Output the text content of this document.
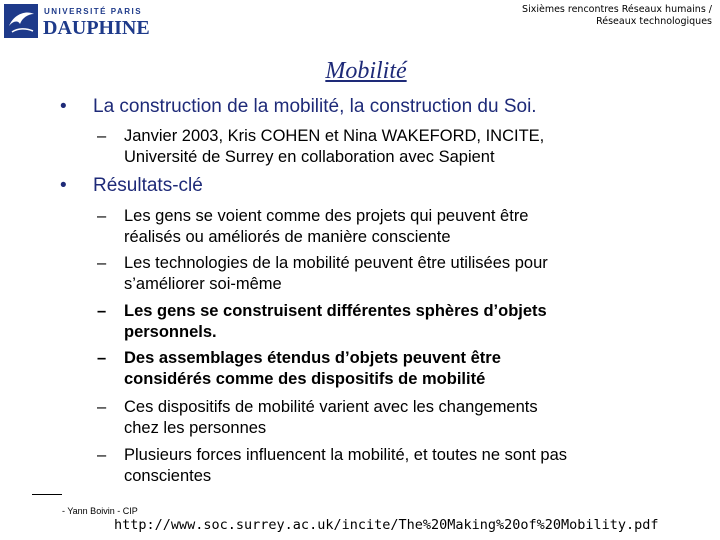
UNIVERSITÉ PARIS
DAUPHINE
Sixièmes rencontres Réseaux humains /
Réseaux technologiques
Mobilité
• La construction de la mobilité, la construction du Soi.
– Janvier 2003, Kris COHEN et Nina WAKEFORD, INCITE,
Université de Surrey en collaboration avec Sapient
• Résultats-clé
– Les gens se voient comme des projets qui peuvent être
réalisés ou améliorés de manière consciente
– Les technologies de la mobilité peuvent être utilisées pour
s’améliorer soi-même
– Les gens se construisent différentes sphères d’objets
personnels.
– Des assemblages étendus d’objets peuvent être
considérés comme des dispositifs de mobilité
– Ces dispositifs de mobilité varient avec les changements
chez les personnes
– Plusieurs forces influencent la mobilité, et toutes ne sont pas
conscientes
- Yann Boivin - CIP
http://www.soc.surrey.ac.uk/incite/The%20Making%20of%20Mobility.pdf
